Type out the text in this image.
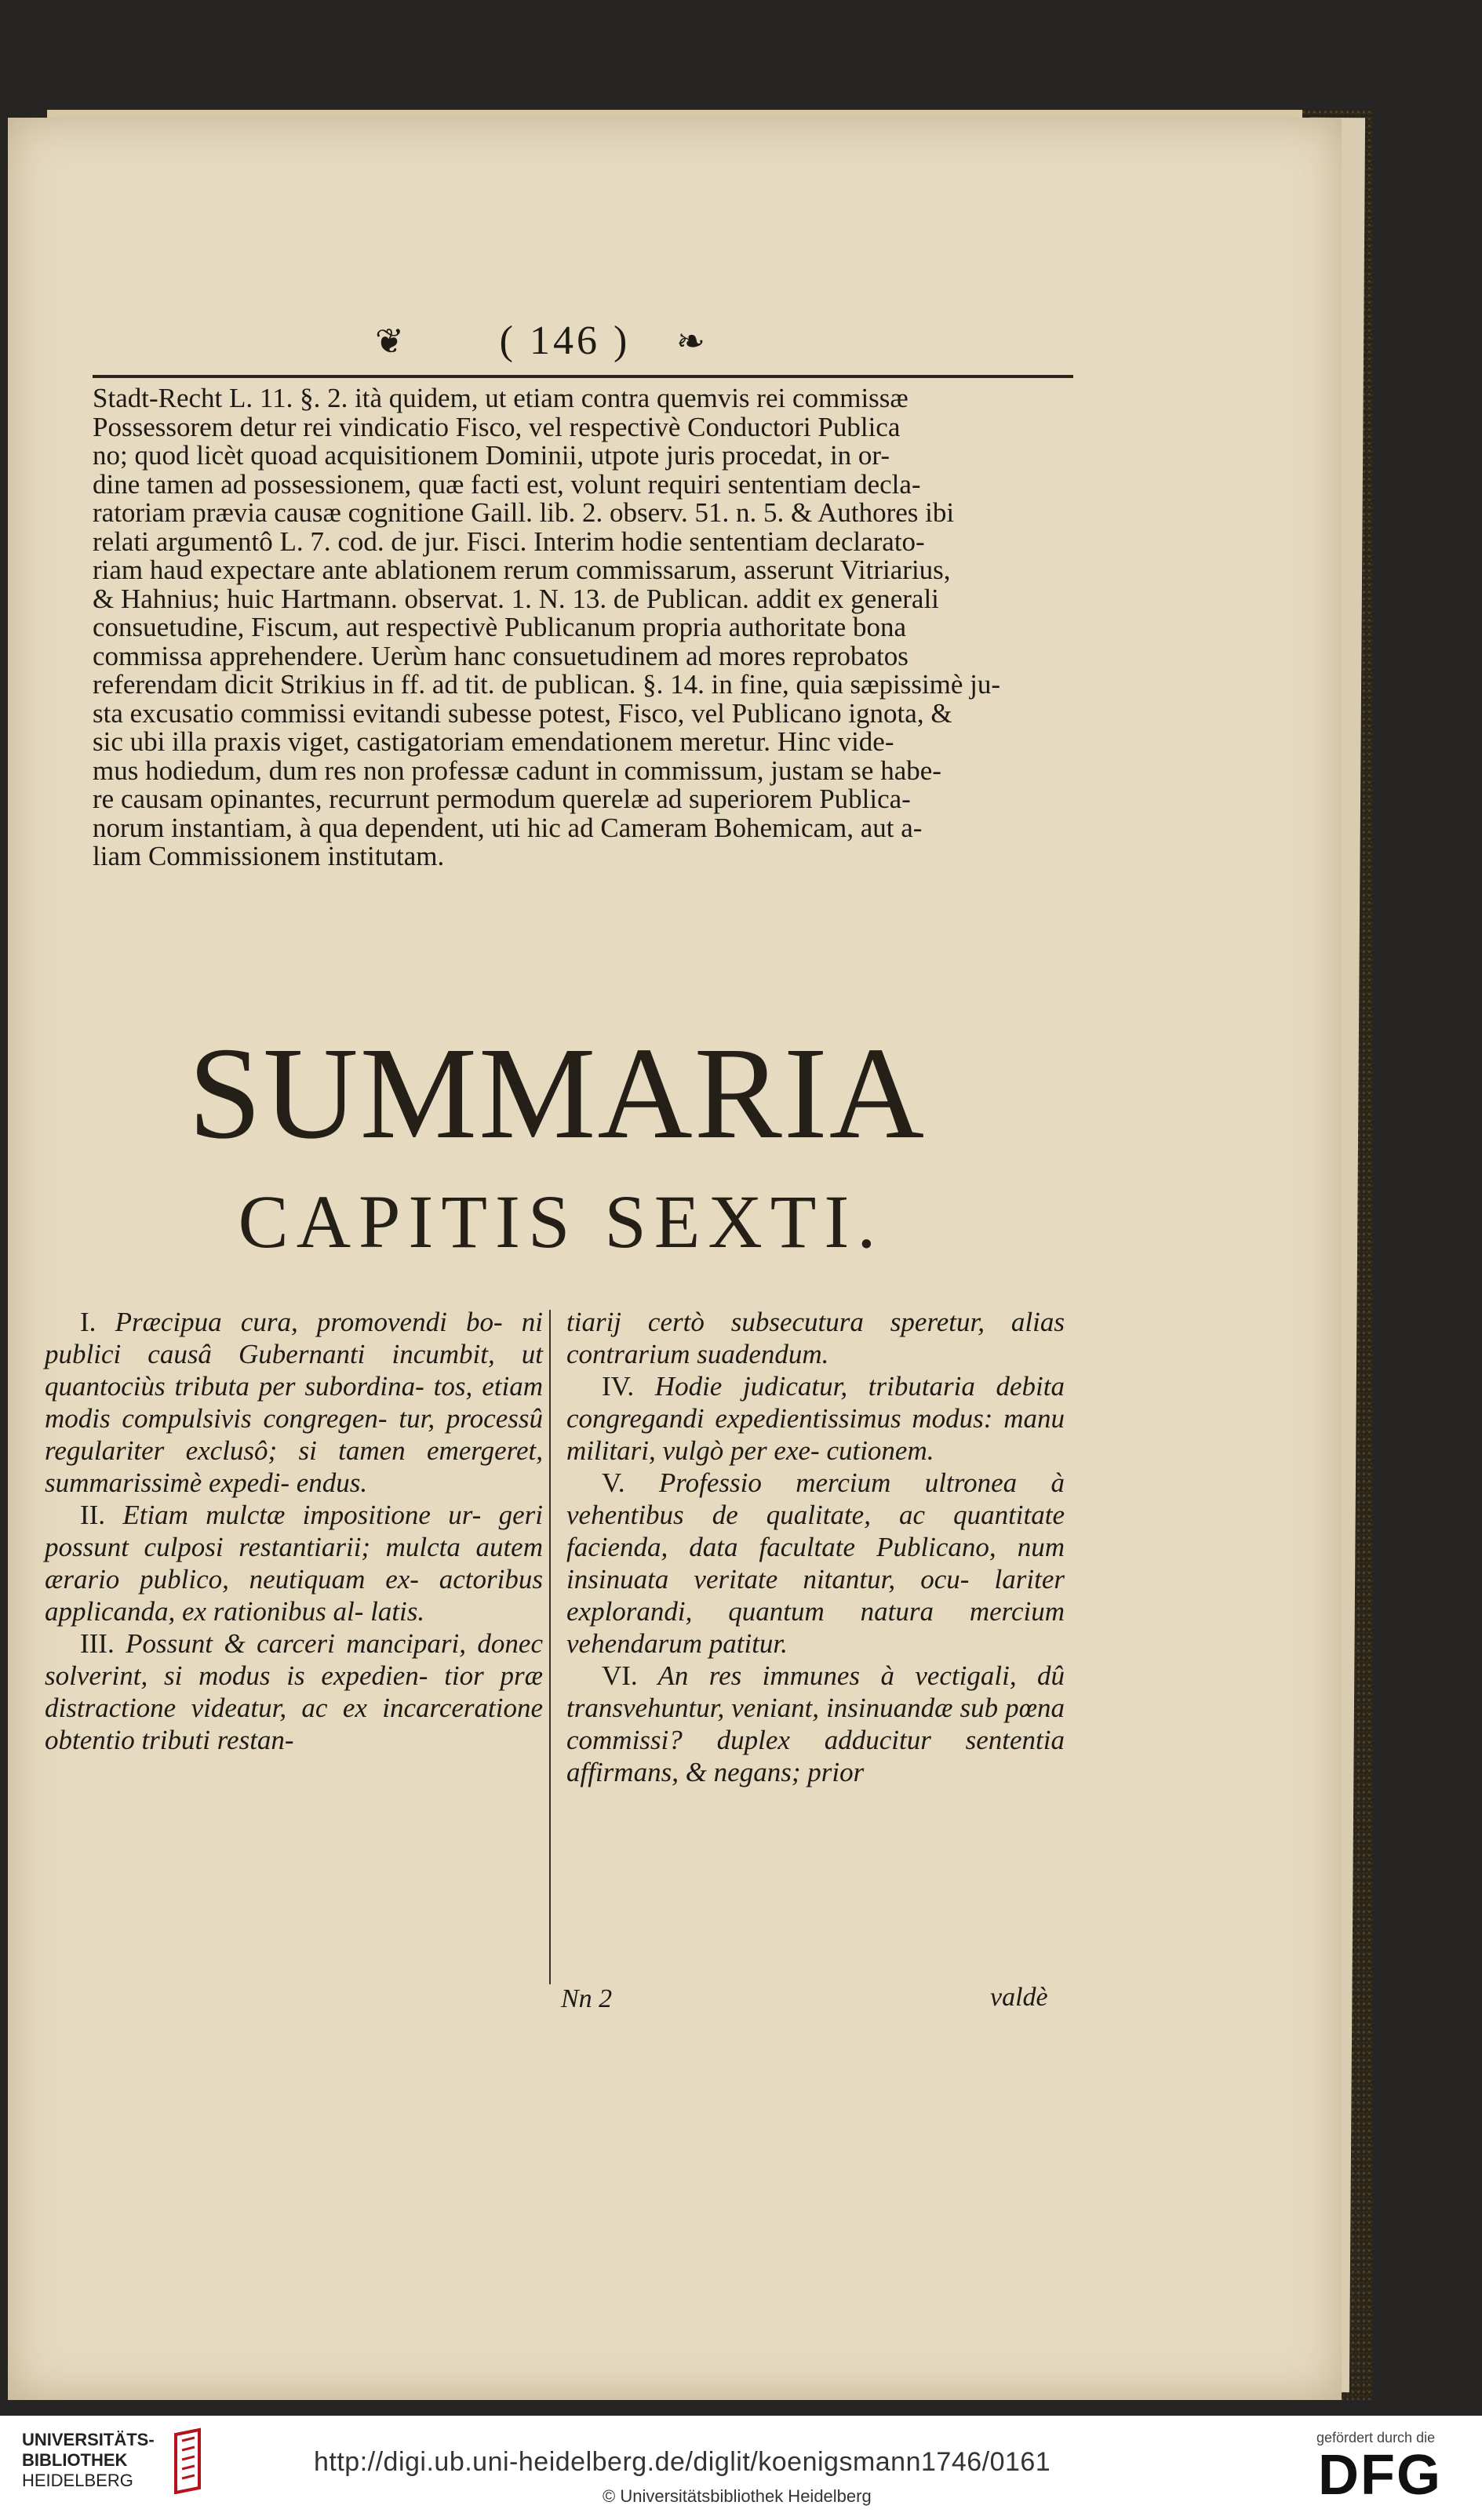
❦	( 146 )	❧
Stadt-Recht L. 11. §. 2. ità quidem, ut etiam contra quemvis rei commissæ
Possessorem detur rei vindicatio Fisco, vel respectivè Conductori Publica
no; quod licèt quoad acquisitionem Dominii, utpote juris procedat, in or-
dine tamen ad possessionem, quæ facti est, volunt requiri sententiam decla-
ratoriam prævia causæ cognitione Gaill. lib. 2. observ. 51. n. 5. & Authores ibi
relati argumentô L. 7. cod. de jur. Fisci. Interim hodie sententiam declarato-
riam haud expectare ante ablationem rerum commissarum, asserunt Vitriarius,
& Hahnius; huic Hartmann. observat. 1. N. 13. de Publican. addit ex generali
consuetudine, Fiscum, aut respectivè Publicanum propria authoritate bona
commissa apprehendere. Uerùm hanc consuetudinem ad mores reprobatos
referendam dicit Strikius in ff. ad tit. de publican. §. 14. in fine, quia sæpissimè ju-
sta excusatio commissi evitandi subesse potest, Fisco, vel Publicano ignota, &
sic ubi illa praxis viget, castigatoriam emendationem meretur. Hinc vide-
mus hodiedum, dum res non professæ cadunt in commissum, justam se habe-
re causam opinantes, recurrunt permodum querelæ ad superiorem Publica-
norum instantiam, à qua dependent, uti hic ad Cameram Bohemicam, aut a-
liam Commissionem institutam.
SUMMARIA
CAPITIS SEXTI.

I. Præcipua cura, promovendi bo- ni publici causâ Gubernanti incumbit, ut quantociùs tributa per subordina- tos, etiam modis compulsivis congregen- tur, processû regulariter exclusô; si tamen emergeret, summarissimè expedi- endus.

II. Etiam mulctæ impositione ur- geri possunt culposi restantiarii; mulcta autem ærario publico, neutiquam ex- actoribus applicanda, ex rationibus al- latis.

III. Possunt & carceri mancipari, donec solverint, si modus is expedien- tior præ distractione videatur, ac ex incarceratione obtentio tributi restan-

tiarij certò subsecutura speretur, alias contrarium suadendum.

IV. Hodie judicatur, tributaria debita congregandi expedientissimus modus: manu militari, vulgò per exe- cutionem.

V. Professio mercium ultronea à vehentibus de qualitate, ac quantitate facienda, data facultate Publicano, num insinuata veritate nitantur, ocu- lariter explorandi, quantum natura mercium vehendarum patitur.

VI. An res immunes à vectigali, dû transvehuntur, veniant, insinuandæ sub pœna commissi? duplex adducitur sententia affirmans, & negans; prior

Nn 2	valdè
UNIVERSITÄTS-
BIBLIOTHEK
HEIDELBERG
http://digi.ub.uni-heidelberg.de/diglit/koenigsmann1746/0161
© Universitätsbibliothek Heidelberg
gefördert durch die
DFG
